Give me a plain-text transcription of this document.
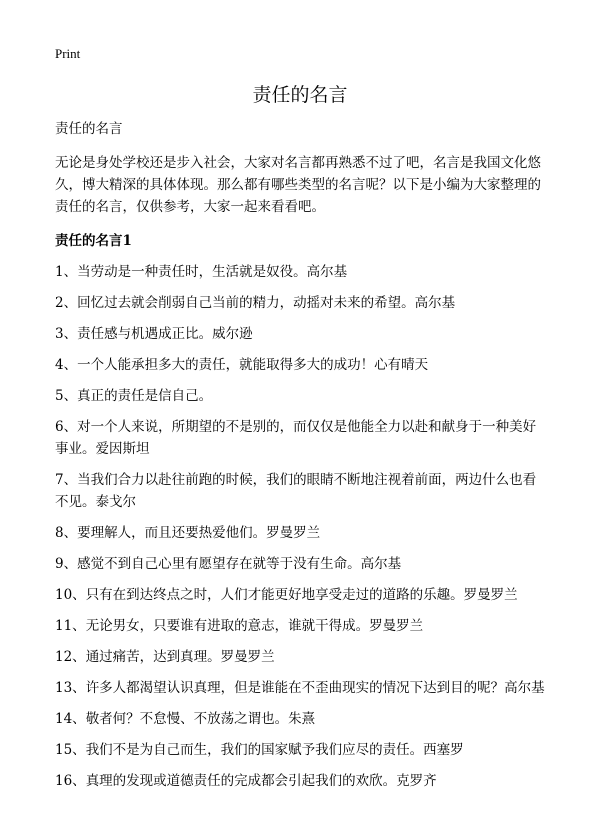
Print
责任的名言

责任的名言

无论是身处学校还是步入社会，大家对名言都再熟悉不过了吧，名言是我国文化悠久，博大精深的具体体现。那么都有哪些类型的名言呢？以下是小编为大家整理的责任的名言，仅供参考，大家一起来看看吧。

责任的名言1

1、当劳动是一种责任时，生活就是奴役。高尔基

2、回忆过去就会削弱自己当前的精力，动摇对未来的希望。高尔基

3、责任感与机遇成正比。威尔逊

4、一个人能承担多大的责任，就能取得多大的成功！心有晴天

5、真正的责任是信自己。

6、对一个人来说，所期望的不是别的，而仅仅是他能全力以赴和献身于一种美好事业。爱因斯坦

7、当我们合力以赴往前跑的时候，我们的眼睛不断地注视着前面，两边什么也看不见。泰戈尔

8、要理解人，而且还要热爱他们。罗曼罗兰

9、感觉不到自己心里有愿望存在就等于没有生命。高尔基

10、只有在到达终点之时，人们才能更好地享受走过的道路的乐趣。罗曼罗兰

11、无论男女，只要谁有进取的意志，谁就干得成。罗曼罗兰

12、通过痛苦，达到真理。罗曼罗兰

13、许多人都渴望认识真理，但是谁能在不歪曲现实的情况下达到目的呢？高尔基

14、敬者何？不怠慢、不放荡之谓也。朱熹

15、我们不是为自己而生，我们的国家赋予我们应尽的责任。西塞罗

16、真理的发现或道德责任的完成都会引起我们的欢欣。克罗齐
